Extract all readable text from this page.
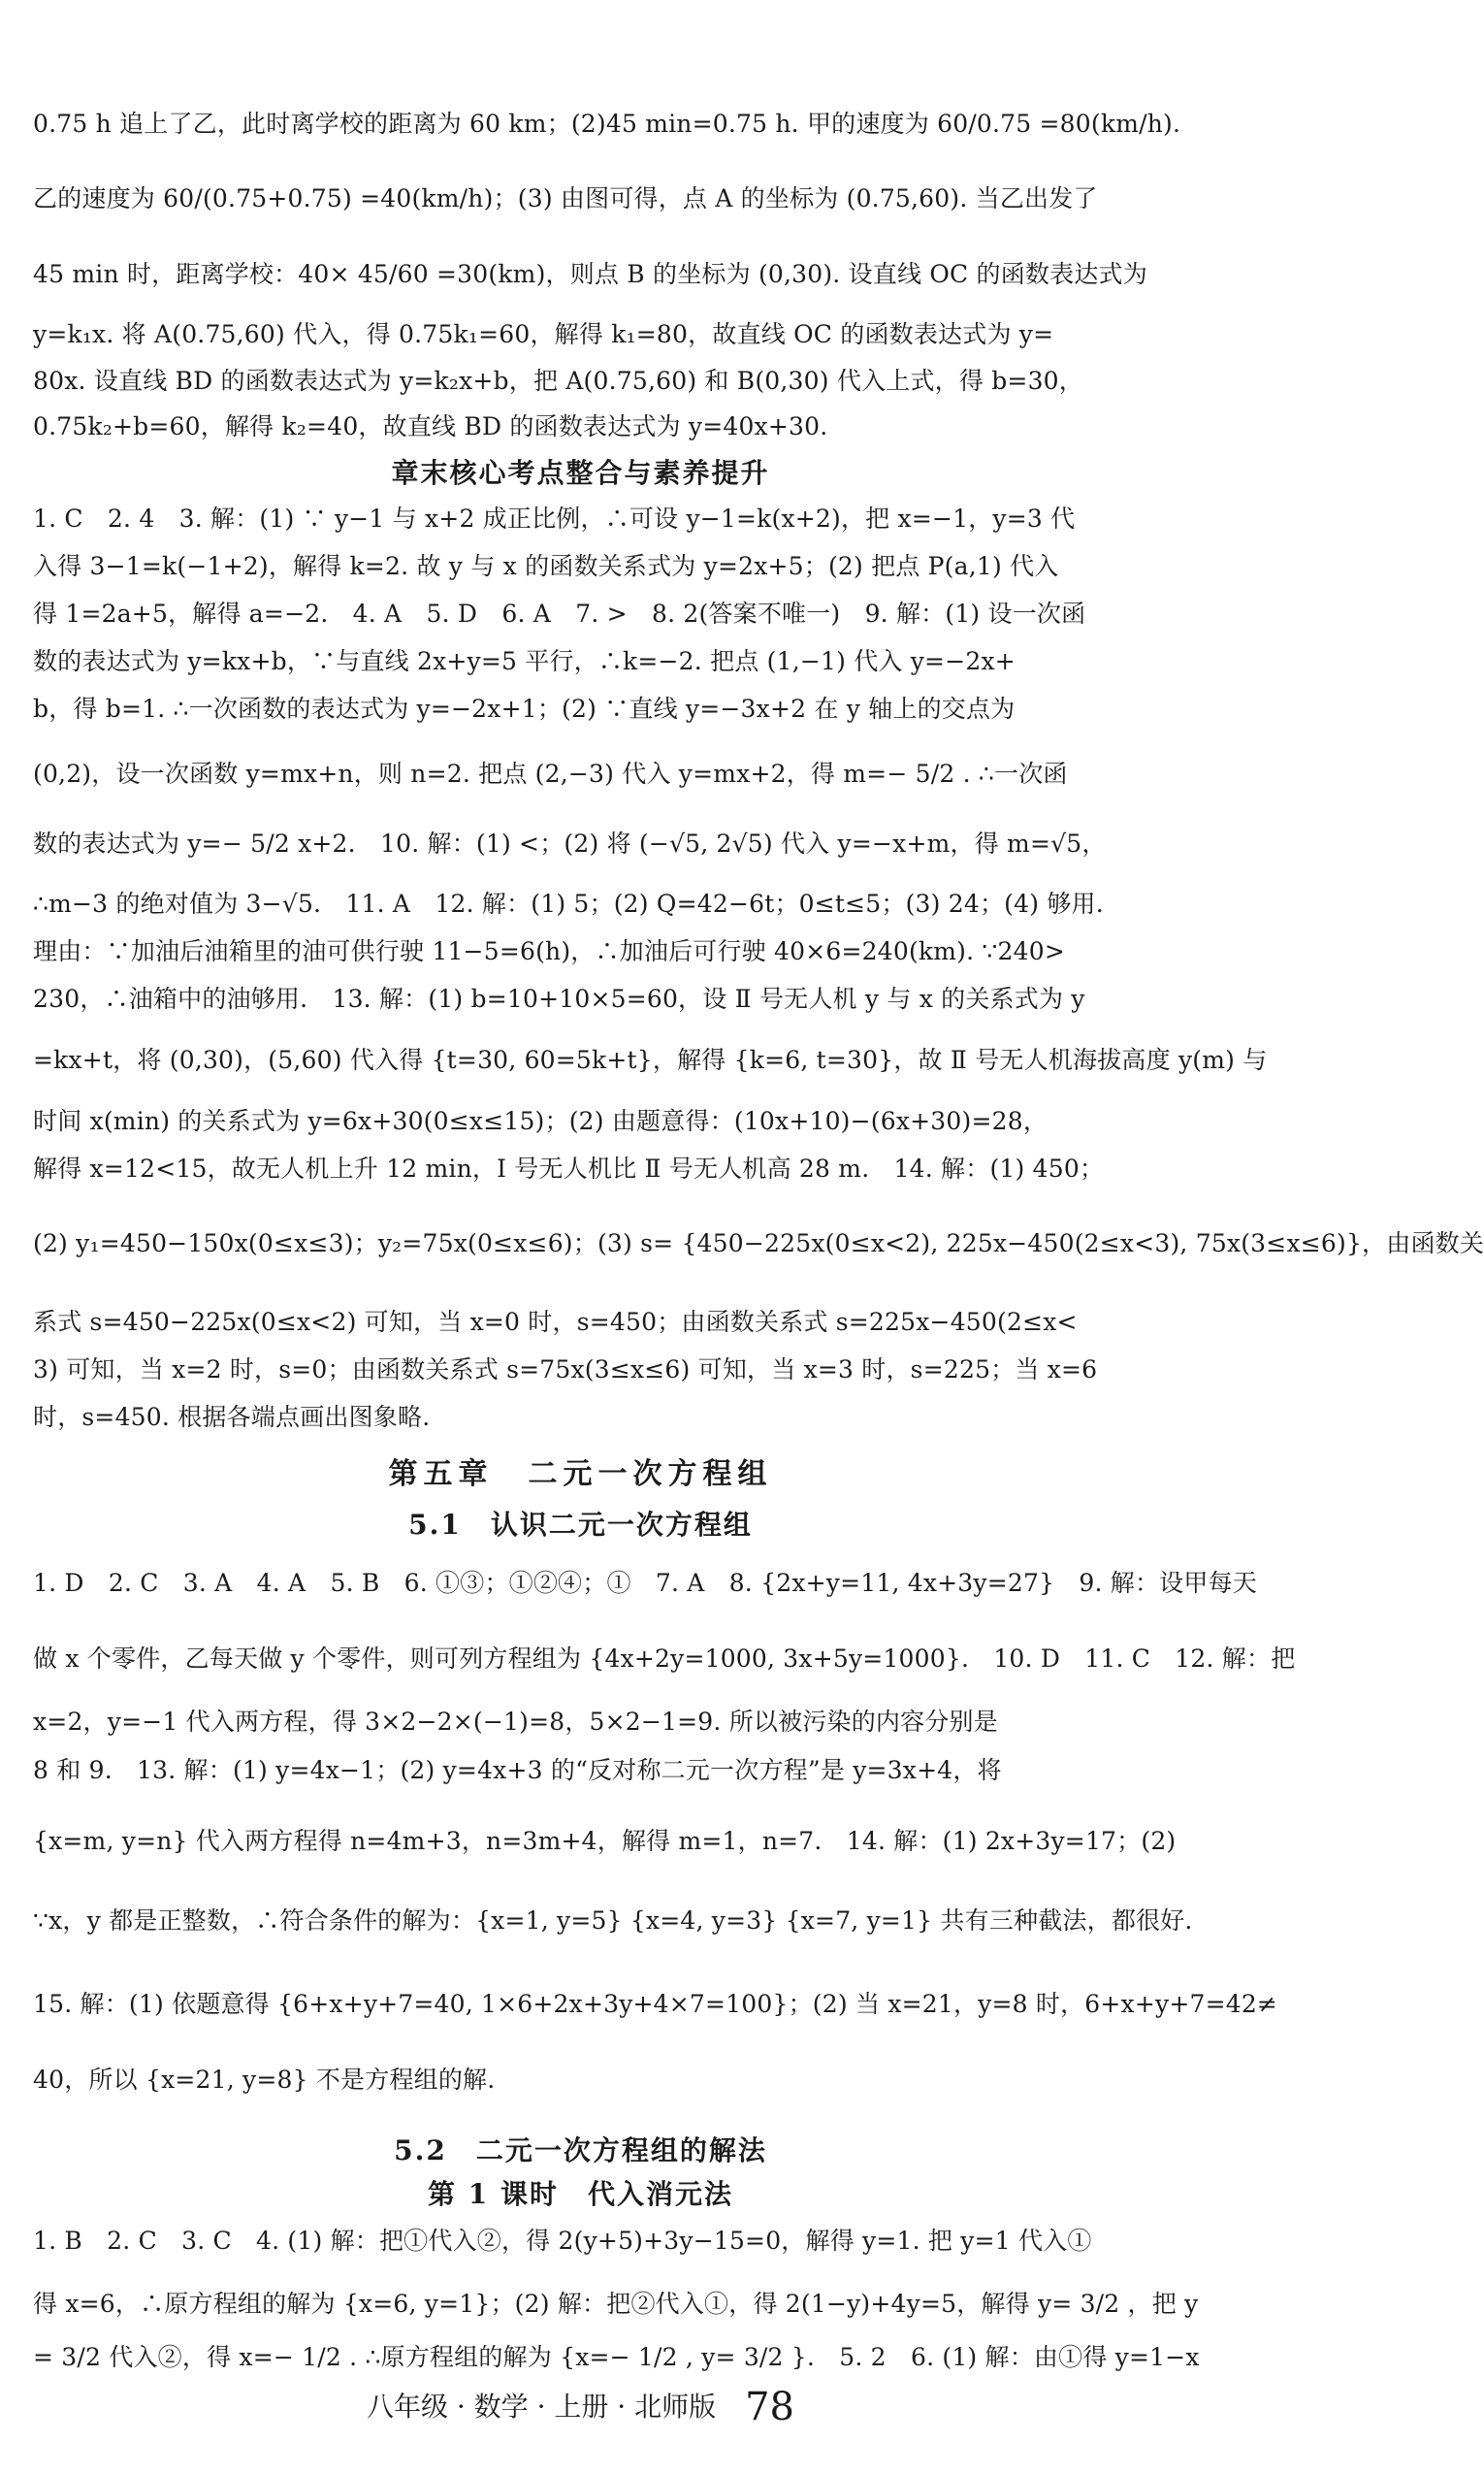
0.75 h 追上了乙，此时离学校的距离为 60 km；(2)45 min=0.75 h. 甲的速度为 60/0.75 =80(km/h).
乙的速度为 60/(0.75+0.75) =40(km/h)；(3) 由图可得，点 A 的坐标为 (0.75,60). 当乙出发了
45 min 时，距离学校：40× 45/60 =30(km)，则点 B 的坐标为 (0,30). 设直线 OC 的函数表达式为
y=k₁x. 将 A(0.75,60) 代入，得 0.75k₁=60，解得 k₁=80，故直线 OC 的函数表达式为 y=
80x. 设直线 BD 的函数表达式为 y=k₂x+b，把 A(0.75,60) 和 B(0,30) 代入上式，得 b=30，
0.75k₂+b=60，解得 k₂=40，故直线 BD 的函数表达式为 y=40x+30.
章末核心考点整合与素养提升
1. C　2. 4　3. 解：(1) ∵ y−1 与 x+2 成正比例，∴可设 y−1=k(x+2)，把 x=−1，y=3 代
入得 3−1=k(−1+2)，解得 k=2. 故 y 与 x 的函数关系式为 y=2x+5；(2) 把点 P(a,1) 代入
得 1=2a+5，解得 a=−2.　4. A　5. D　6. A　7. >　8. 2(答案不唯一)　9. 解：(1) 设一次函
数的表达式为 y=kx+b，∵与直线 2x+y=5 平行，∴k=−2. 把点 (1,−1) 代入 y=−2x+
b，得 b=1. ∴一次函数的表达式为 y=−2x+1；(2) ∵直线 y=−3x+2 在 y 轴上的交点为
(0,2)，设一次函数 y=mx+n，则 n=2. 把点 (2,−3) 代入 y=mx+2，得 m=− 5/2 . ∴一次函
数的表达式为 y=− 5/2 x+2.　10. 解：(1) <；(2) 将 (−√5, 2√5) 代入 y=−x+m，得 m=√5，
∴m−3 的绝对值为 3−√5.　11. A　12. 解：(1) 5；(2) Q=42−6t；0≤t≤5；(3) 24；(4) 够用.
理由：∵加油后油箱里的油可供行驶 11−5=6(h)，∴加油后可行驶 40×6=240(km). ∵240>
230，∴油箱中的油够用.　13. 解：(1) b=10+10×5=60，设 Ⅱ 号无人机 y 与 x 的关系式为 y
=kx+t，将 (0,30)，(5,60) 代入得 {t=30, 60=5k+t}，解得 {k=6, t=30}，故 Ⅱ 号无人机海拔高度 y(m) 与
时间 x(min) 的关系式为 y=6x+30(0≤x≤15)；(2) 由题意得：(10x+10)−(6x+30)=28，
解得 x=12<15，故无人机上升 12 min，Ⅰ 号无人机比 Ⅱ 号无人机高 28 m.　14. 解：(1) 450；
(2) y₁=450−150x(0≤x≤3)；y₂=75x(0≤x≤6)；(3) s= {450−225x(0≤x<2), 225x−450(2≤x<3), 75x(3≤x≤6)}，由函数关
系式 s=450−225x(0≤x<2) 可知，当 x=0 时，s=450；由函数关系式 s=225x−450(2≤x<
3) 可知，当 x=2 时，s=0；由函数关系式 s=75x(3≤x≤6) 可知，当 x=3 时，s=225；当 x=6
时，s=450. 根据各端点画出图象略.
第五章　二元一次方程组
5.1　认识二元一次方程组
1. D　2. C　3. A　4. A　5. B　6. ①③；①②④；①　7. A　8. {2x+y=11, 4x+3y=27}　9. 解：设甲每天
做 x 个零件，乙每天做 y 个零件，则可列方程组为 {4x+2y=1000, 3x+5y=1000}.　10. D　11. C　12. 解：把
x=2，y=−1 代入两方程，得 3×2−2×(−1)=8，5×2−1=9. 所以被污染的内容分别是
8 和 9.　13. 解：(1) y=4x−1；(2) y=4x+3 的“反对称二元一次方程”是 y=3x+4，将
{x=m, y=n} 代入两方程得 n=4m+3，n=3m+4，解得 m=1，n=7.　14. 解：(1) 2x+3y=17；(2)
∵x，y 都是正整数，∴符合条件的解为：{x=1, y=5} {x=4, y=3} {x=7, y=1} 共有三种截法，都很好.
15. 解：(1) 依题意得 {6+x+y+7=40, 1×6+2x+3y+4×7=100}；(2) 当 x=21，y=8 时，6+x+y+7=42≠
40，所以 {x=21, y=8} 不是方程组的解.
5.2　二元一次方程组的解法
第 1 课时　代入消元法
1. B　2. C　3. C　4. (1) 解：把①代入②，得 2(y+5)+3y−15=0，解得 y=1. 把 y=1 代入①
得 x=6，∴原方程组的解为 {x=6, y=1}；(2) 解：把②代入①，得 2(1−y)+4y=5，解得 y= 3/2 ，把 y
= 3/2 代入②，得 x=− 1/2 . ∴原方程组的解为 {x=− 1/2 , y= 3/2 }.　5. 2　6. (1) 解：由①得 y=1−x
八年级 · 数学 · 上册 · 北师版 78
